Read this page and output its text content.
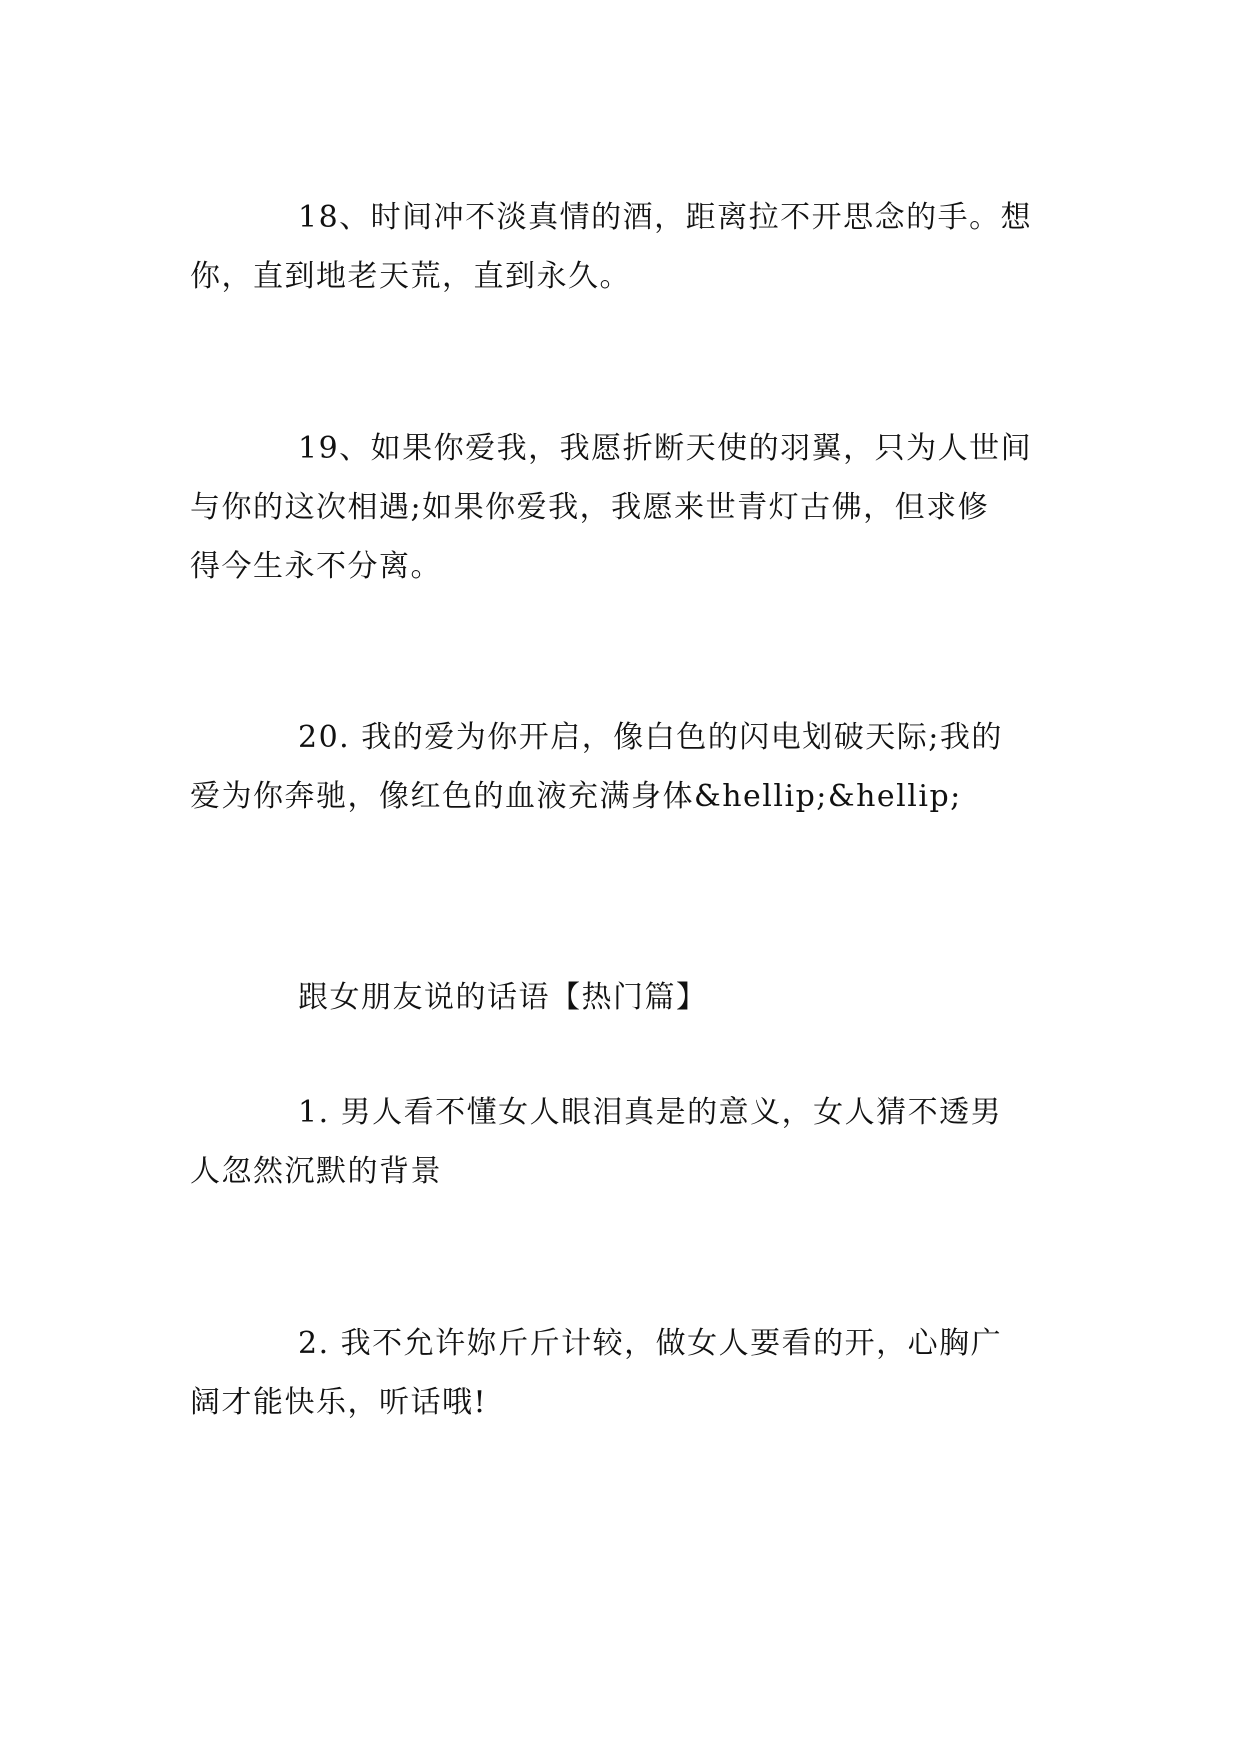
18、时间冲不淡真情的酒，距离拉不开思念的手。想
你，直到地老天荒，直到永久。
19、如果你爱我，我愿折断天使的羽翼，只为人世间
与你的这次相遇;如果你爱我，我愿来世青灯古佛，但求修
得今生永不分离。
20. 我的爱为你开启，像白色的闪电划破天际;我的
爱为你奔驰，像红色的血液充满身体&hellip;&hellip;
跟女朋友说的话语【热门篇】
1. 男人看不懂女人眼泪真是的意义，女人猜不透男
人忽然沉默的背景
2. 我不允许妳斤斤计较，做女人要看的开，心胸广
阔才能快乐，听话哦!
